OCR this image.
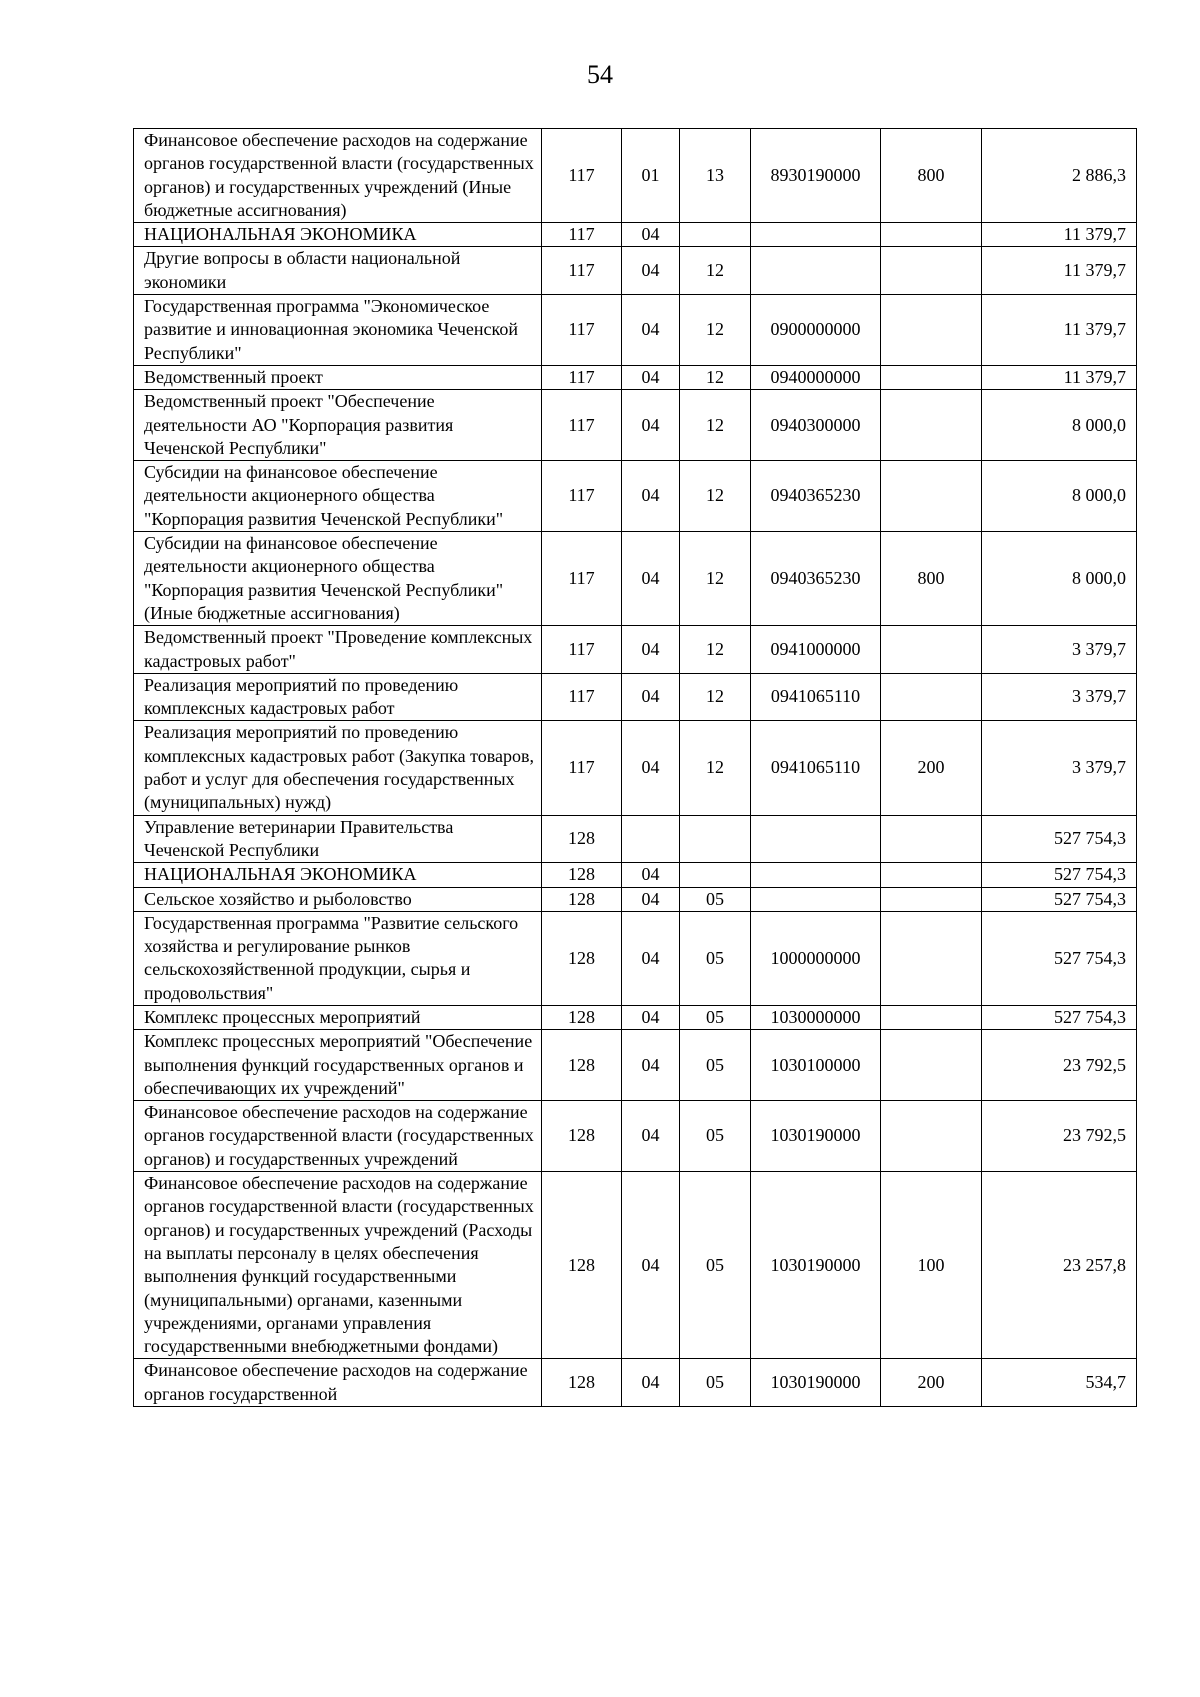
54
Финансовое обеспечение расходов на содержание органов государственной власти (государственных органов) и государственных учреждений (Иные бюджетные ассигнования)	117	01	13	8930190000	800	2 886,3
НАЦИОНАЛЬНАЯ ЭКОНОМИКА	117	04				11 379,7
Другие вопросы в области национальной экономики	117	04	12			11 379,7
Государственная программа "Экономическое развитие и инновационная экономика Чеченской Республики"	117	04	12	0900000000		11 379,7
Ведомственный проект	117	04	12	0940000000		11 379,7
Ведомственный проект "Обеспечение деятельности АО "Корпорация развития Чеченской Республики"	117	04	12	0940300000		8 000,0
Субсидии на финансовое обеспечение деятельности акционерного общества "Корпорация развития Чеченской Республики"	117	04	12	0940365230		8 000,0
Субсидии на финансовое обеспечение деятельности акционерного общества "Корпорация развития Чеченской Республики" (Иные бюджетные ассигнования)	117	04	12	0940365230	800	8 000,0
Ведомственный проект "Проведение комплексных кадастровых работ"	117	04	12	0941000000		3 379,7
Реализация мероприятий по проведению комплексных кадастровых работ	117	04	12	0941065110		3 379,7
Реализация мероприятий по проведению комплексных кадастровых работ (Закупка товаров, работ и услуг для обеспечения государственных (муниципальных) нужд)	117	04	12	0941065110	200	3 379,7
Управление ветеринарии Правительства Чеченской Республики	128					527 754,3
НАЦИОНАЛЬНАЯ ЭКОНОМИКА	128	04				527 754,3
Сельское хозяйство и рыболовство	128	04	05			527 754,3
Государственная программа "Развитие сельского хозяйства и регулирование рынков сельскохозяйственной продукции, сырья и продовольствия"	128	04	05	1000000000		527 754,3
Комплекс процессных мероприятий	128	04	05	1030000000		527 754,3
Комплекс процессных мероприятий "Обеспечение выполнения функций государственных органов и обеспечивающих их учреждений"	128	04	05	1030100000		23 792,5
Финансовое обеспечение расходов на содержание органов государственной власти (государственных органов) и государственных учреждений	128	04	05	1030190000		23 792,5
Финансовое обеспечение расходов на содержание органов государственной власти (государственных органов) и государственных учреждений (Расходы на выплаты персоналу в целях обеспечения выполнения функций государственными (муниципальными) органами, казенными учреждениями, органами управления государственными внебюджетными фондами)	128	04	05	1030190000	100	23 257,8
Финансовое обеспечение расходов на содержание органов государственной	128	04	05	1030190000	200	534,7
